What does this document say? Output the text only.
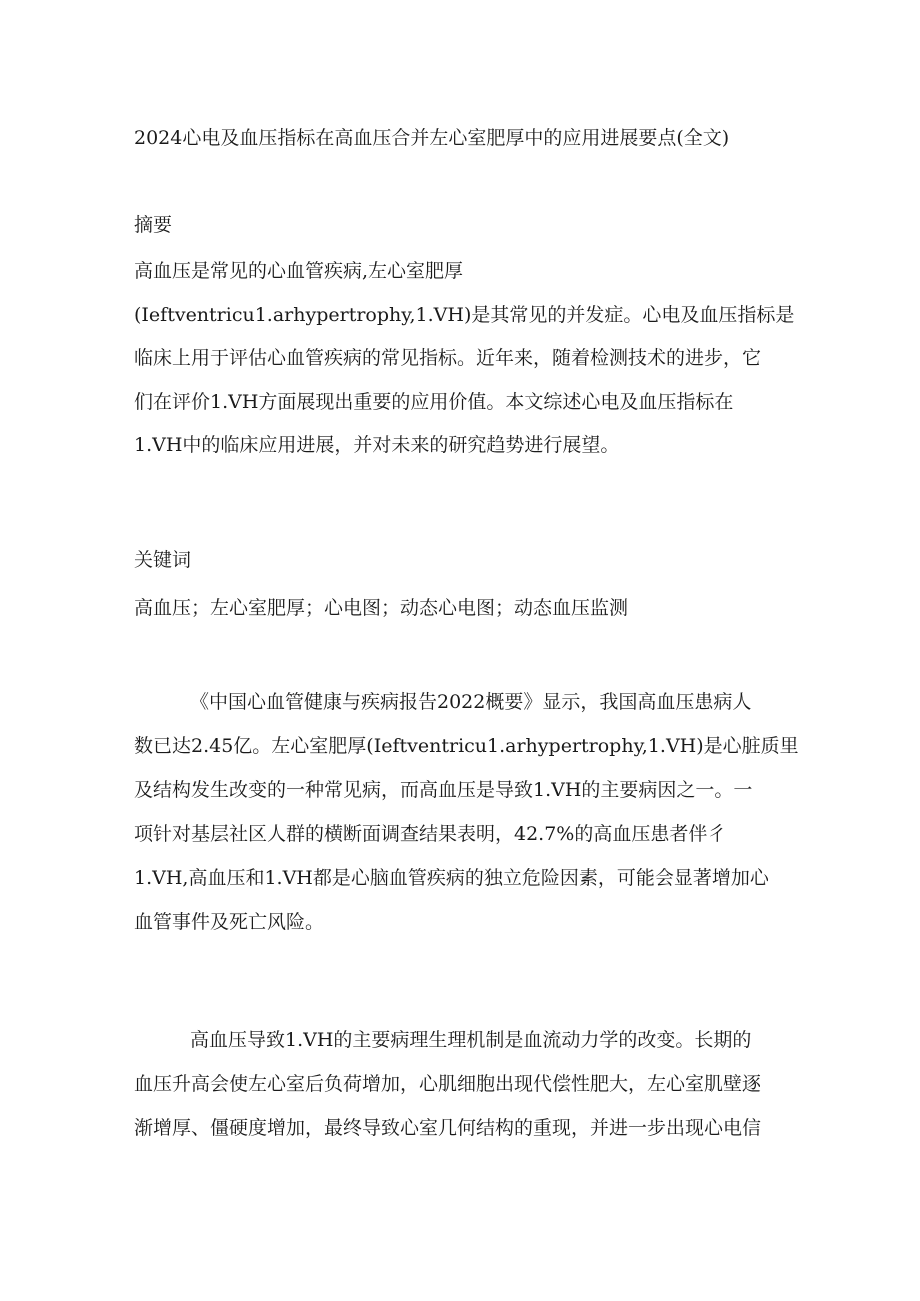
2024心电及血压指标在高血压合并左心室肥厚中的应用进展要点(全文)
摘要
高血压是常见的心血管疾病,左心室肥厚
(Ieftventricu1.arhypertrophy,1.VH)是其常见的并发症。心电及血压指标是
临床上用于评估心血管疾病的常见指标。近年来，随着检测技术的进步，它
们在评价1.VH方面展现出重要的应用价值。本文综述心电及血压指标在
1.VH中的临床应用进展，并对未来的研究趋势进行展望。
关键词
高血压；左心室肥厚；心电图；动态心电图；动态血压监测
《中国心血管健康与疾病报告2022概要》显示，我国高血压患病人
数已达2.45亿。左心室肥厚(Ieftventricu1.arhypertrophy,1.VH)是心脏质里
及结构发生改变的一种常见病，而高血压是导致1.VH的主要病因之一。一
项针对基层社区人群的横断面调查结果表明，42.7%的高血压患者伴彳
1.VH,高血压和1.VH都是心脑血管疾病的独立危险因素，可能会显著增加心
血管事件及死亡风险。
高血压导致1.VH的主要病理生理机制是血流动力学的改变。长期的
血压升高会使左心室后负荷增加，心肌细胞出现代偿性肥大，左心室肌壁逐
渐增厚、僵硬度增加，最终导致心室几何结构的重现，并进一步出现心电信
